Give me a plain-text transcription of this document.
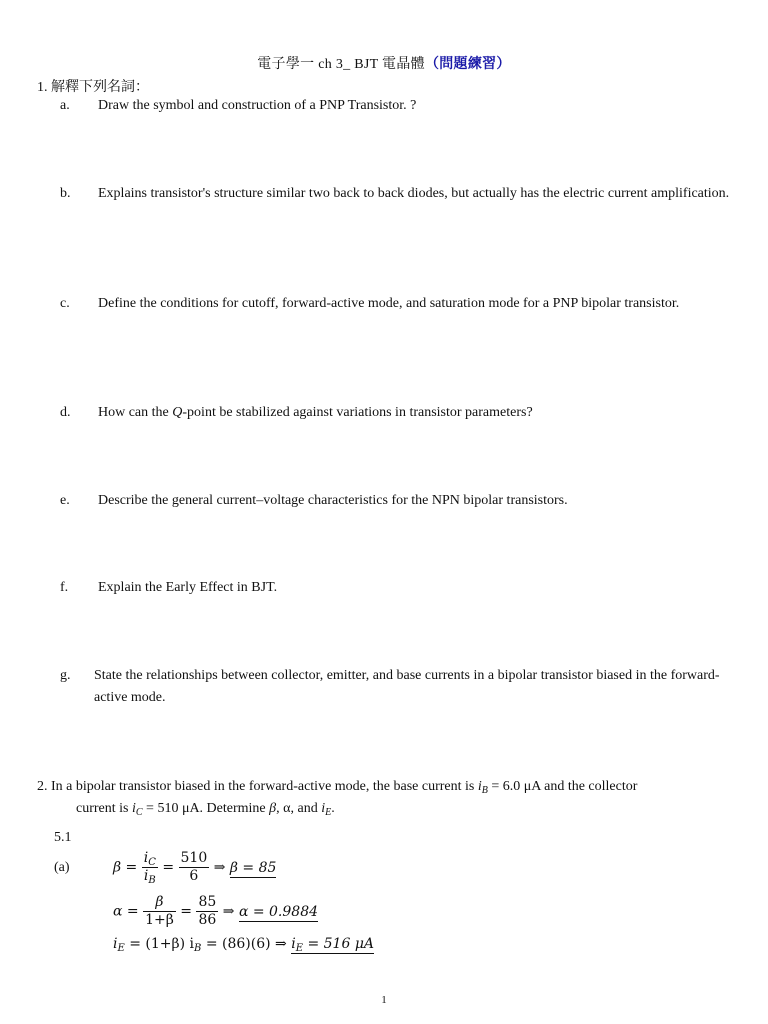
電子學一 ch 3_ BJT 電晶體（問題練習）
1. 解釋下列名詞：
a. Draw the symbol and construction of a PNP Transistor. ?
b. Explains transistor's structure similar two back to back diodes, but actually has the electric current amplification.
c. Define the conditions for cutoff, forward-active mode, and saturation mode for a PNP bipolar transistor.
d. How can the Q-point be stabilized against variations in transistor parameters?
e. Describe the general current–voltage characteristics for the NPN bipolar transistors.
f. Explain the Early Effect in BJT.
g. State the relationships between collector, emitter, and base currents in a bipolar transistor biased in the forward-active mode.
2. In a bipolar transistor biased in the forward-active mode, the base current is $i_B = 6.0$ μA and the collector
current is $i_C = 510$ μA. Determine β, α, and $i_E$.
5.1
(a)	$\beta = \frac{i_C}{i_B} = \frac{510}{6}$ ⇒ β = 85
$\alpha = \frac{\beta}{1+\beta} = \frac{85}{86}$ ⇒ α = 0.9884
$i_E = (1+\beta) i_B = (86)(6)$ ⇒ $i_E = 516$ μA
1
